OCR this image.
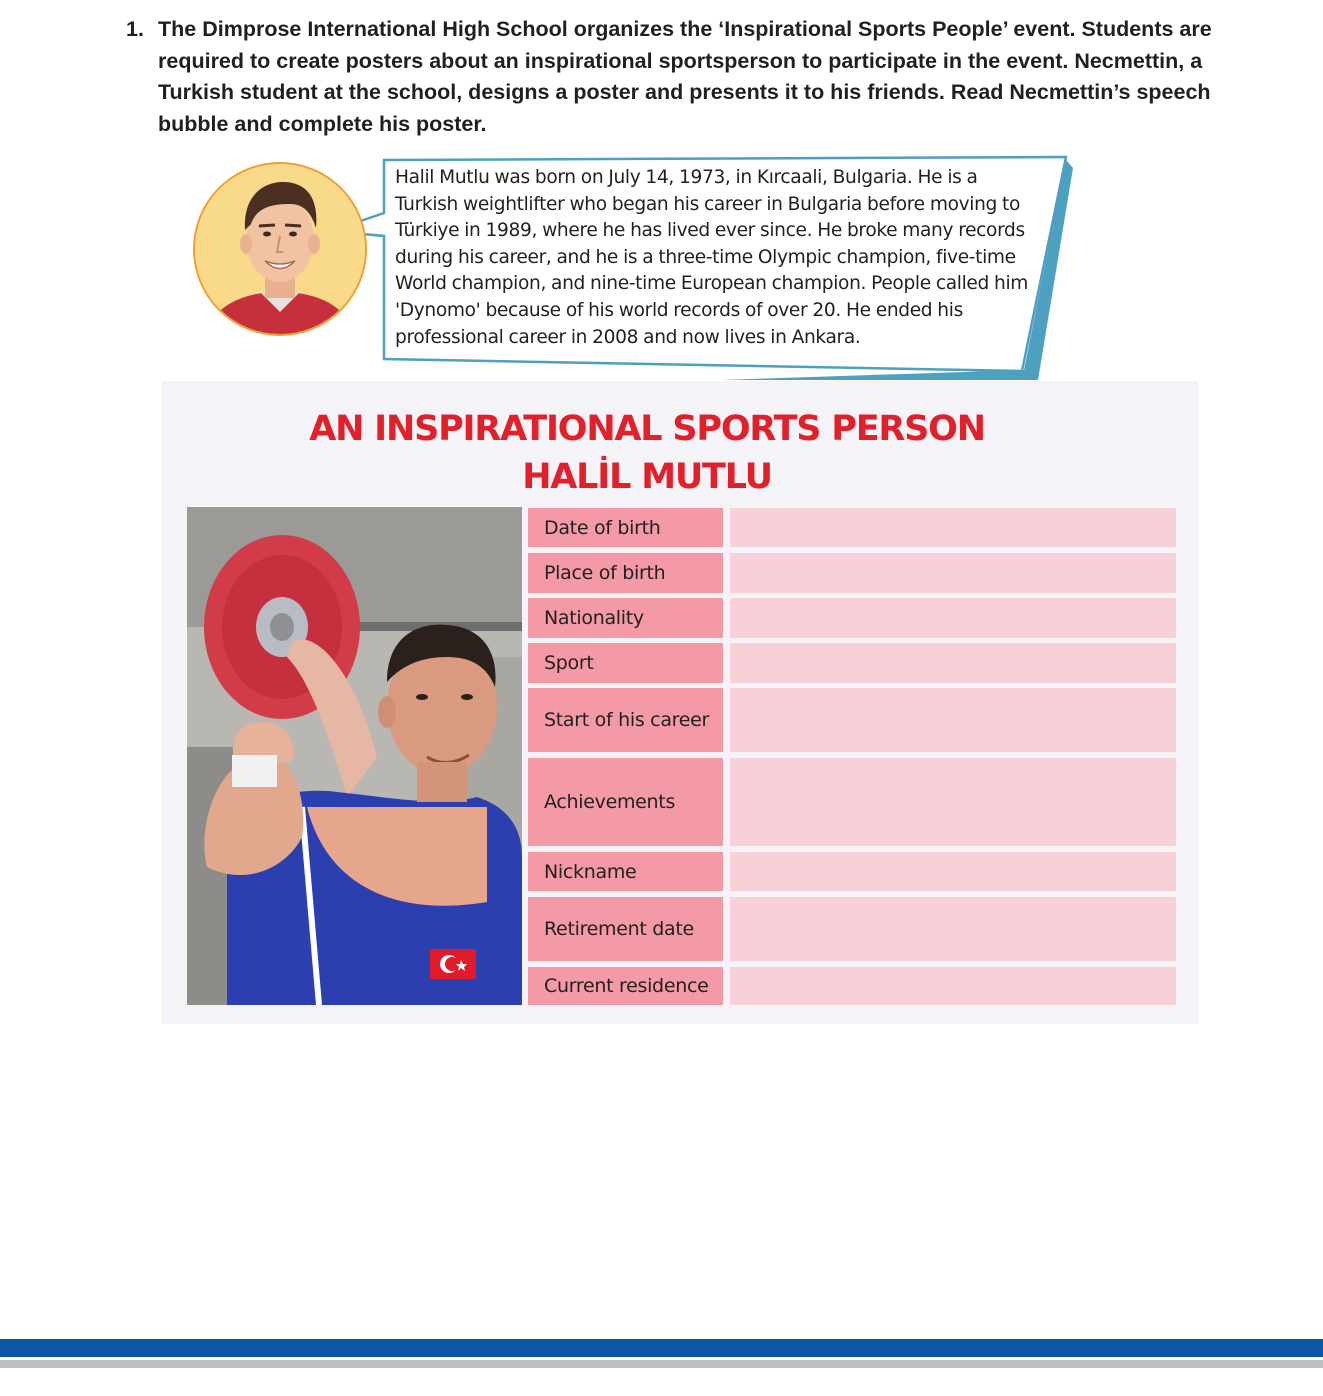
1. The Dimprose International High School organizes the ‘Inspirational Sports People’ event. Students are required to create posters about an inspirational sportsperson to participate in the event. Necmettin, a Turkish student at the school, designs a poster and presents it to his friends. Read Necmettin’s speech bubble and complete his poster.
Halil Mutlu was born on July 14, 1973, in Kırcaali, Bulgaria. He is a Turkish weightlifter who began his career in Bulgaria before moving to Türkiye in 1989, where he has lived ever since. He broke many records during his career, and he is a three-time Olympic champion, five-time World champion, and nine-time European champion. People called him 'Dynomo' because of his world records of over 20. He ended his professional career in 2008 and now lives in Ankara.
AN INSPIRATIONAL SPORTS PERSON
HALİL MUTLU
Date of birth
Place of birth
Nationality
Sport
Start of his career
Achievements
Nickname
Retirement date
Current residence
